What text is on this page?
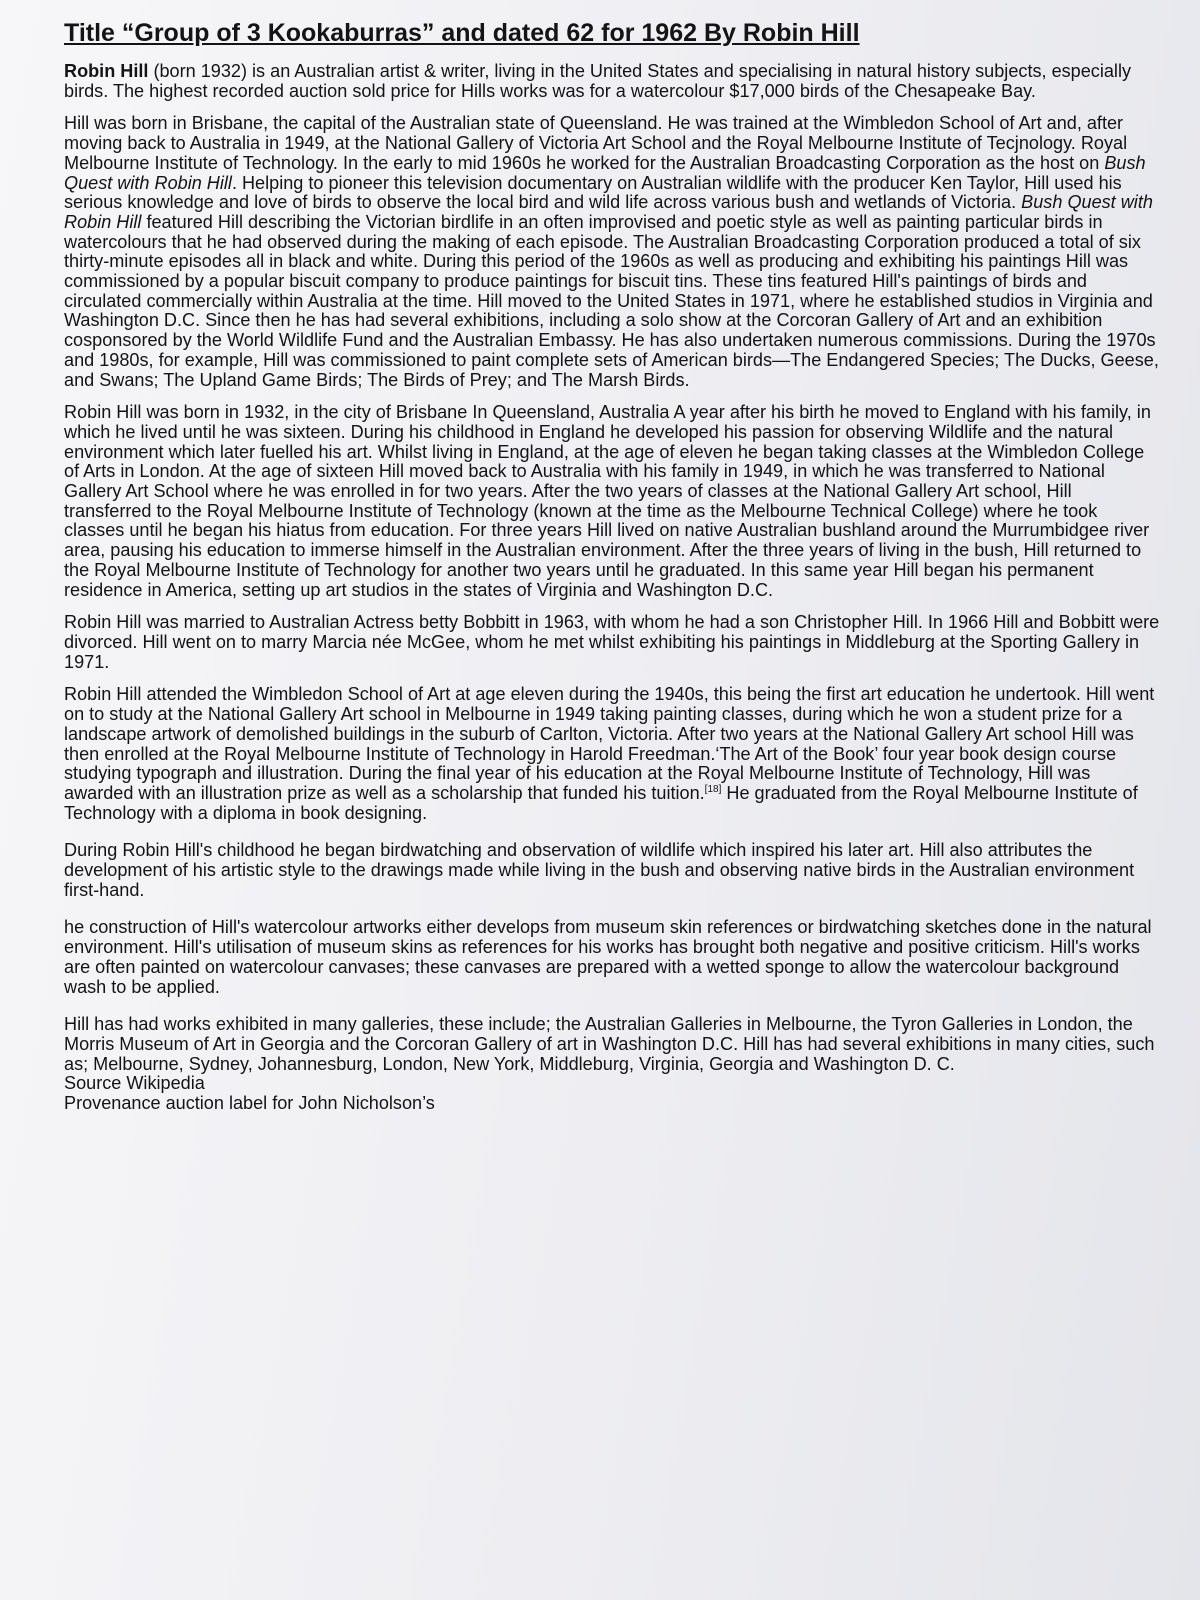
Title “Group of 3 Kookaburras” and dated 62 for 1962 By Robin Hill

Robin Hill (born 1932) is an Australian artist & writer, living in the United States and specialising in natural history subjects, especially birds. The highest recorded auction sold price for Hills works was for a watercolour $17,000 birds of the Chesapeake Bay.

Hill was born in Brisbane, the capital of the Australian state of Queensland. He was trained at the Wimbledon School of Art and, after moving back to Australia in 1949, at the National Gallery of Victoria Art School and the Royal Melbourne Institute of Tecjnology. Royal Melbourne Institute of Technology. In the early to mid 1960s he worked for the Australian Broadcasting Corporation as the host on Bush Quest with Robin Hill. Helping to pioneer this television documentary on Australian wildlife with the producer Ken Taylor, Hill used his serious knowledge and love of birds to observe the local bird and wild life across various bush and wetlands of Victoria. Bush Quest with Robin Hill featured Hill describing the Victorian birdlife in an often improvised and poetic style as well as painting particular birds in watercolours that he had observed during the making of each episode. The Australian Broadcasting Corporation produced a total of six thirty-minute episodes all in black and white. During this period of the 1960s as well as producing and exhibiting his paintings Hill was commissioned by a popular biscuit company to produce paintings for biscuit tins. These tins featured Hill's paintings of birds and circulated commercially within Australia at the time. Hill moved to the United States in 1971, where he established studios in Virginia and Washington D.C. Since then he has had several exhibitions, including a solo show at the Corcoran Gallery of Art and an exhibition cosponsored by the World Wildlife Fund and the Australian Embassy. He has also undertaken numerous commissions. During the 1970s and 1980s, for example, Hill was commissioned to paint complete sets of American birds—The Endangered Species; The Ducks, Geese, and Swans; The Upland Game Birds; The Birds of Prey; and The Marsh Birds.

Robin Hill was born in 1932, in the city of Brisbane In Queensland, Australia A year after his birth he moved to England with his family, in which he lived until he was sixteen. During his childhood in England he developed his passion for observing Wildlife and the natural environment which later fuelled his art. Whilst living in England, at the age of eleven he began taking classes at the Wimbledon College of Arts in London. At the age of sixteen Hill moved back to Australia with his family in 1949, in which he was transferred to National Gallery Art School where he was enrolled in for two years. After the two years of classes at the National Gallery Art school, Hill transferred to the Royal Melbourne Institute of Technology (known at the time as the Melbourne Technical College) where he took classes until he began his hiatus from education. For three years Hill lived on native Australian bushland around the Murrumbidgee river area, pausing his education to immerse himself in the Australian environment. After the three years of living in the bush, Hill returned to the Royal Melbourne Institute of Technology for another two years until he graduated. In this same year Hill began his permanent residence in America, setting up art studios in the states of Virginia and Washington D.C.

Robin Hill was married to Australian Actress betty Bobbitt in 1963, with whom he had a son Christopher Hill. In 1966 Hill and Bobbitt were divorced. Hill went on to marry Marcia née McGee, whom he met whilst exhibiting his paintings in Middleburg at the Sporting Gallery in 1971.

Robin Hill attended the Wimbledon School of Art at age eleven during the 1940s, this being the first art education he undertook. Hill went on to study at the National Gallery Art school in Melbourne in 1949 taking painting classes, during which he won a student prize for a landscape artwork of demolished buildings in the suburb of Carlton, Victoria. After two years at the National Gallery Art school Hill was then enrolled at the Royal Melbourne Institute of Technology in Harold Freedman.‘The Art of the Book’ four year book design course studying typograph and illustration. During the final year of his education at the Royal Melbourne Institute of Technology, Hill was awarded with an illustration prize as well as a scholarship that funded his tuition.[18] He graduated from the Royal Melbourne Institute of Technology with a diploma in book designing.

During Robin Hill's childhood he began birdwatching and observation of wildlife which inspired his later art. Hill also attributes the development of his artistic style to the drawings made while living in the bush and observing native birds in the Australian environment first-hand.

he construction of Hill's watercolour artworks either develops from museum skin references or birdwatching sketches done in the natural environment. Hill's utilisation of museum skins as references for his works has brought both negative and positive criticism. Hill's works are often painted on watercolour canvases; these canvases are prepared with a wetted sponge to allow the watercolour background wash to be applied.

Hill has had works exhibited in many galleries, these include; the Australian Galleries in Melbourne, the Tyron Galleries in London, the Morris Museum of Art in Georgia and the Corcoran Gallery of art in Washington D.C. Hill has had several exhibitions in many cities, such as; Melbourne, Sydney, Johannesburg, London, New York, Middleburg, Virginia, Georgia and Washington D. C.

Source Wikipedia
Provenance auction label for John Nicholson’s
